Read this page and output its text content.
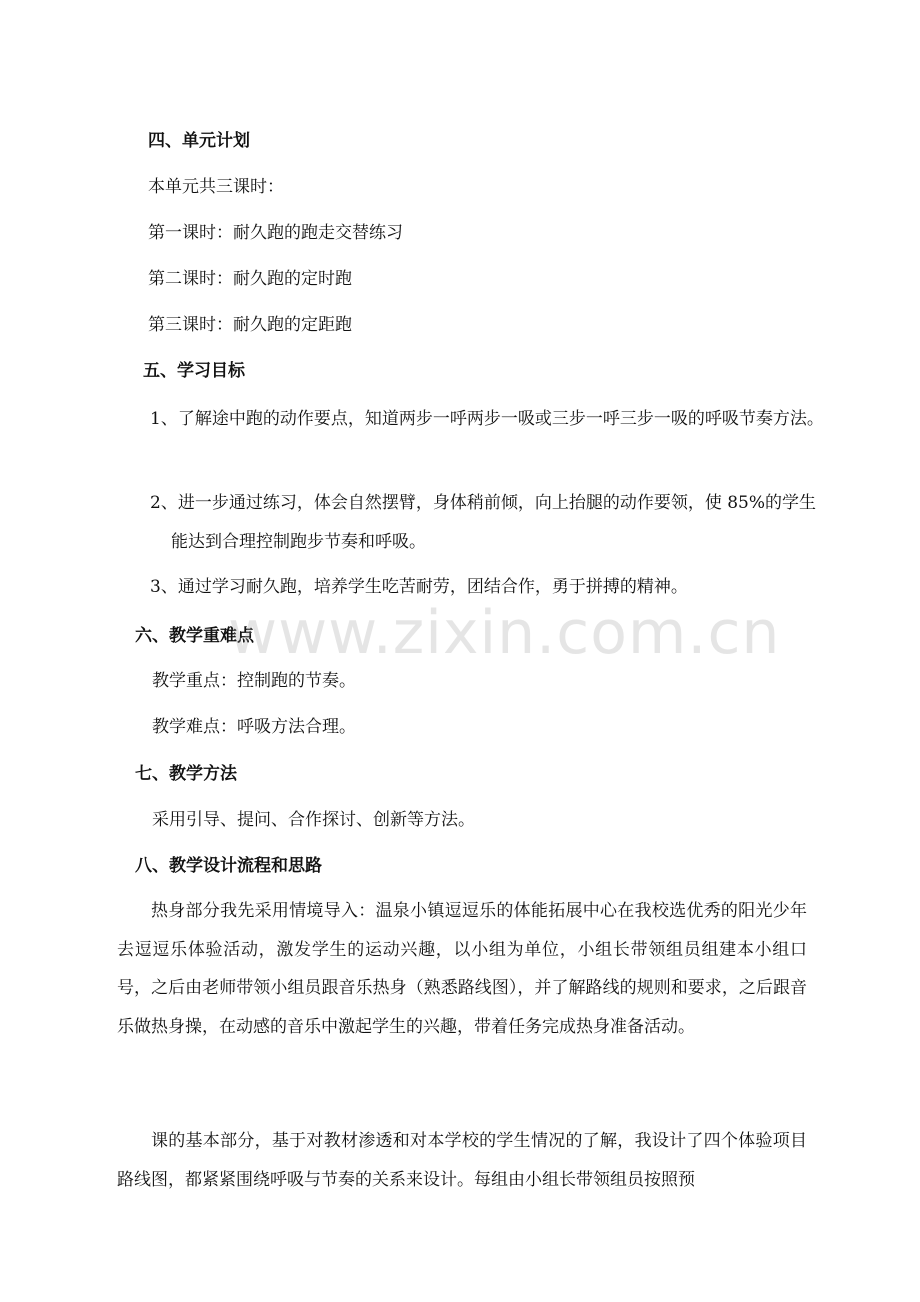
四、单元计划
本单元共三课时：
第一课时：耐久跑的跑走交替练习
第二课时：耐久跑的定时跑
第三课时：耐久跑的定距跑
五、学习目标
1、了解途中跑的动作要点，知道两步一呼两步一吸或三步一呼三步一吸的呼吸节奏方法。
2、进一步通过练习，体会自然摆臂，身体稍前倾，向上抬腿的动作要领，使 85%的学生能达到合理控制跑步节奏和呼吸。
3、通过学习耐久跑，培养学生吃苦耐劳，团结合作，勇于拼搏的精神。
六、教学重难点
教学重点：控制跑的节奏。
教学难点：呼吸方法合理。
七、教学方法
采用引导、提问、合作探讨、创新等方法。
八、教学设计流程和思路
热身部分我先采用情境导入：温泉小镇逗逗乐的体能拓展中心在我校选优秀的阳光少年去逗逗乐体验活动，激发学生的运动兴趣，以小组为单位，小组长带领组员组建本小组口号，之后由老师带领小组员跟音乐热身（熟悉路线图），并了解路线的规则和要求，之后跟音乐做热身操，在动感的音乐中激起学生的兴趣，带着任务完成热身准备活动。
课的基本部分，基于对教材渗透和对本学校的学生情况的了解，我设计了四个体验项目路线图，都紧紧围绕呼吸与节奏的关系来设计。每组由小组长带领组员按照预
www.zixin.com.cn
